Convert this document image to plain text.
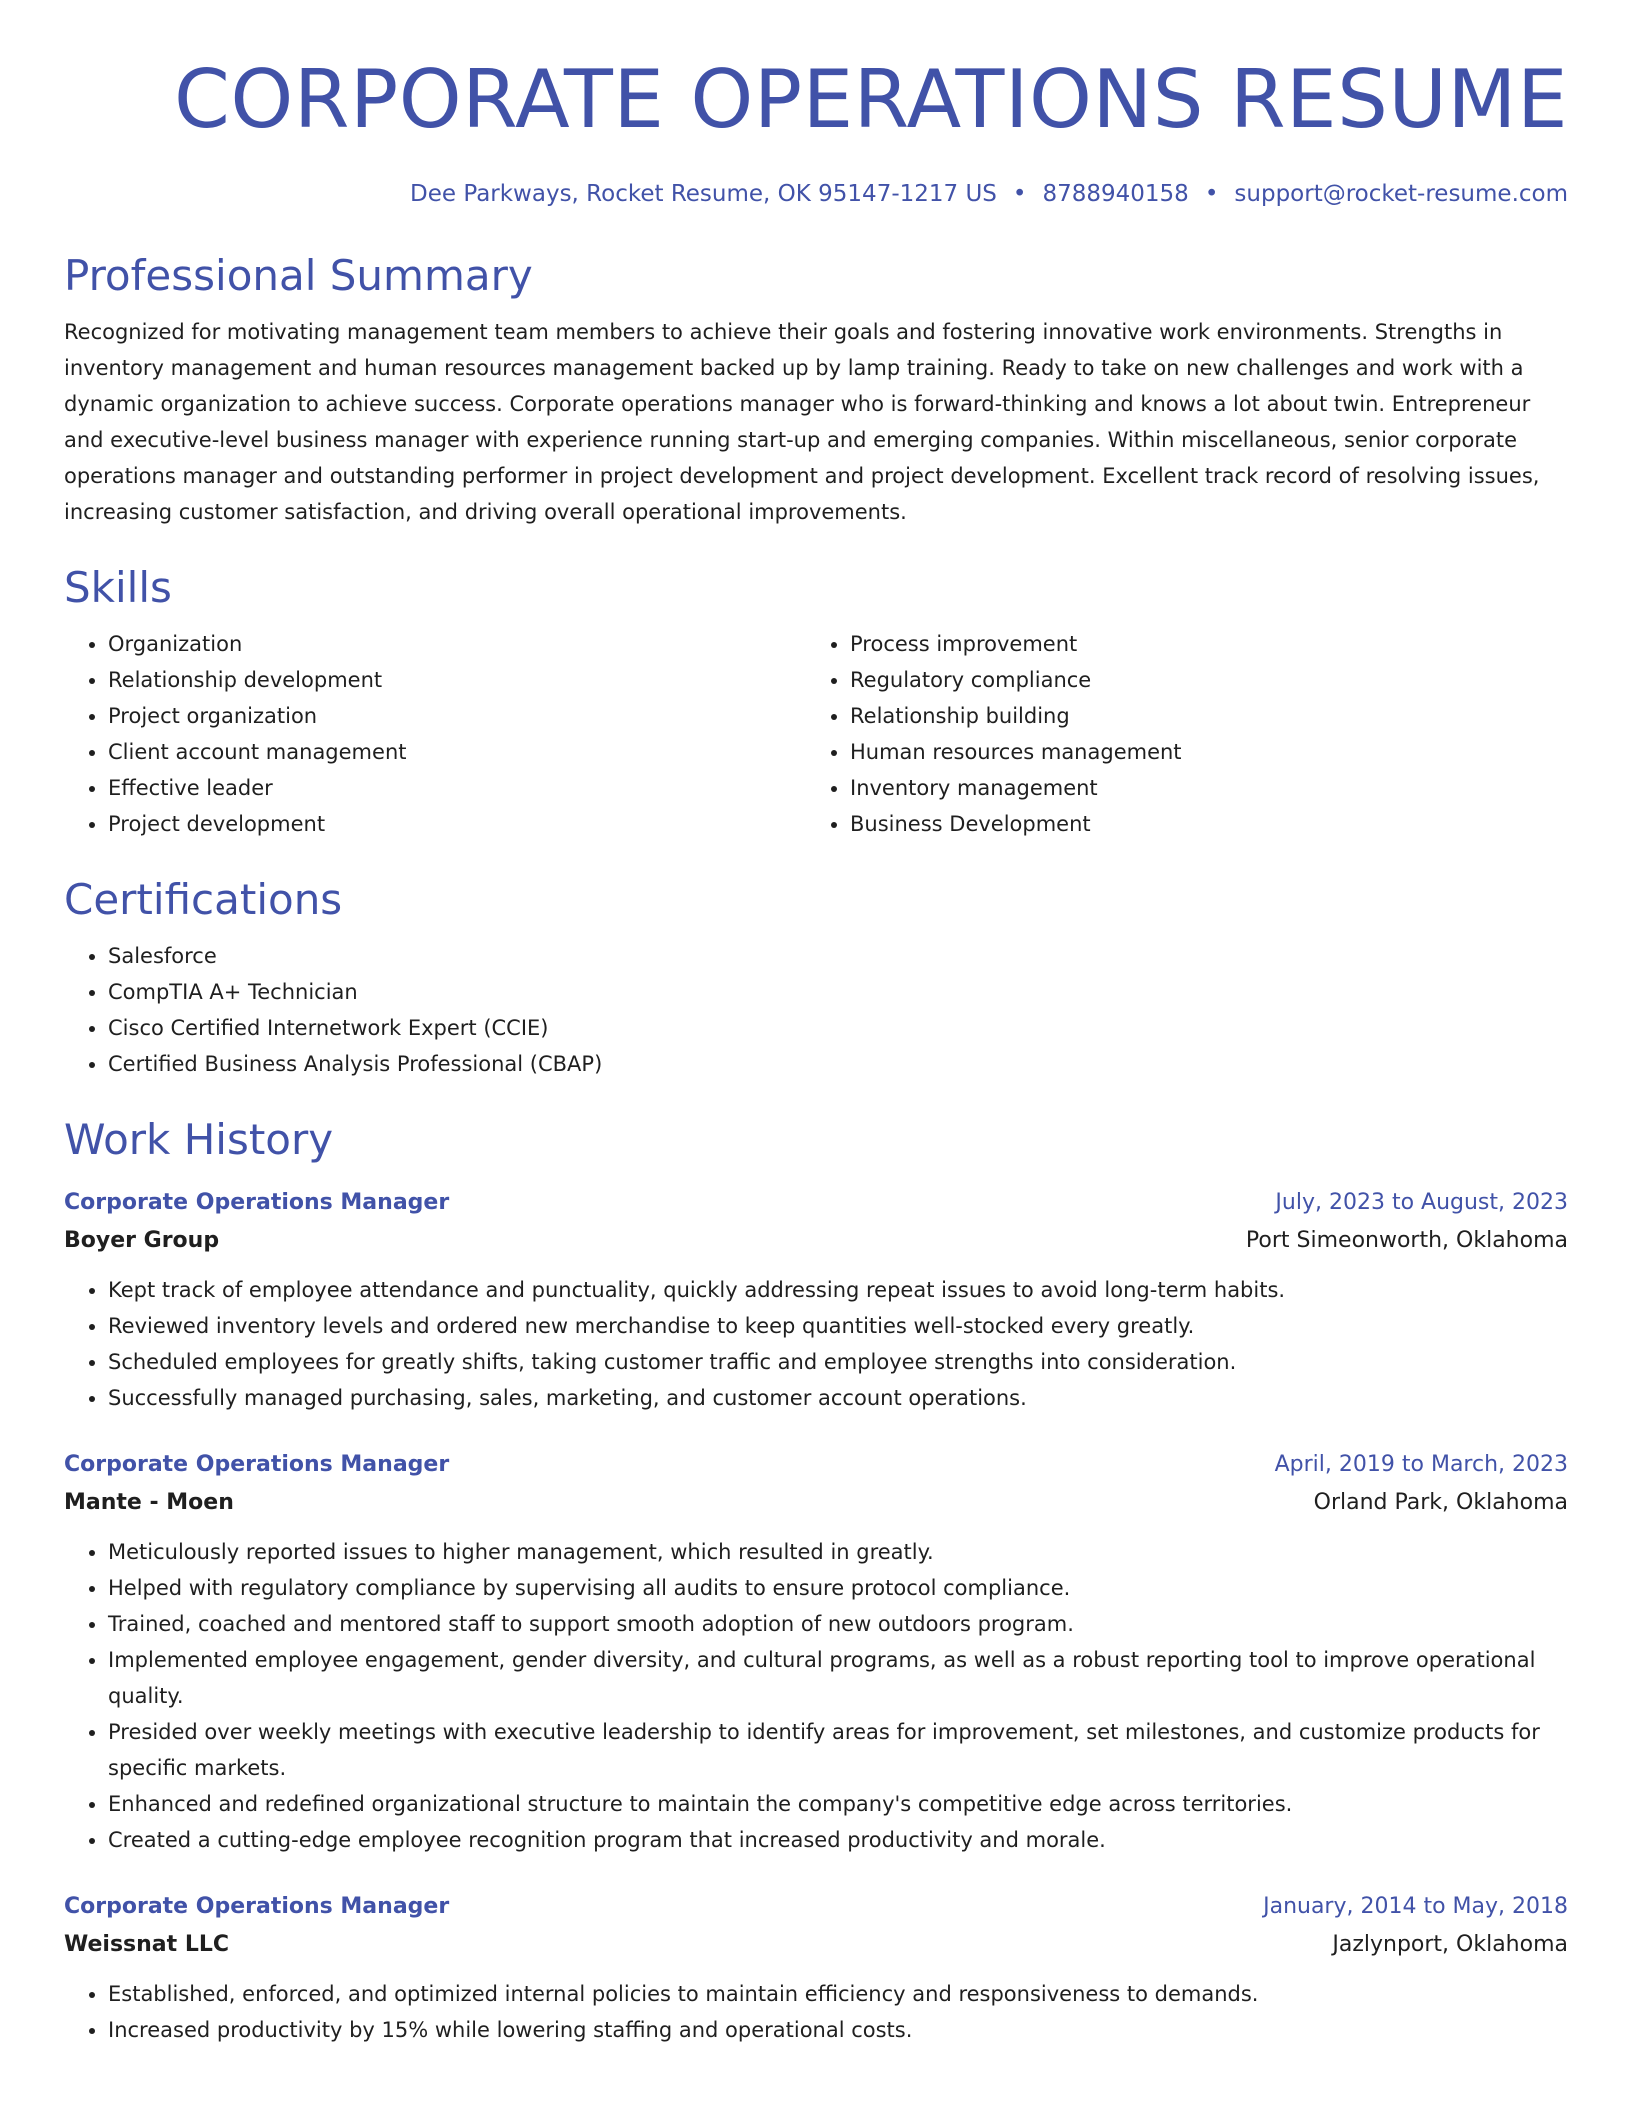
CORPORATE OPERATIONS RESUME
Dee Parkways, Rocket Resume, OK 95147-1217 US • 8788940158 • support@rocket-resume.com
Professional Summary

Recognized for motivating management team members to achieve their goals and fostering innovative work environments. Strengths in inventory management and human resources management backed up by lamp training. Ready to take on new challenges and work with a dynamic organization to achieve success. Corporate operations manager who is forward-thinking and knows a lot about twin. Entrepreneur and executive-level business manager with experience running start-up and emerging companies. Within miscellaneous, senior corporate operations manager and outstanding performer in project development and project development. Excellent track record of resolving issues, increasing customer satisfaction, and driving overall operational improvements.

Skills
• Organization
• Relationship development
• Project organization
• Client account management
• Effective leader
• Project development
• Process improvement
• Regulatory compliance
• Relationship building
• Human resources management
• Inventory management
• Business Development
Certifications
• Salesforce
• CompTIA A+ Technician
• Cisco Certified Internetwork Expert (CCIE)
• Certified Business Analysis Professional (CBAP)
Work History
Corporate Operations Manager	July, 2023 to August, 2023
Boyer Group	Port Simeonworth, Oklahoma
• Kept track of employee attendance and punctuality, quickly addressing repeat issues to avoid long-term habits.
• Reviewed inventory levels and ordered new merchandise to keep quantities well-stocked every greatly.
• Scheduled employees for greatly shifts, taking customer traffic and employee strengths into consideration.
• Successfully managed purchasing, sales, marketing, and customer account operations.
Corporate Operations Manager	April, 2019 to March, 2023
Mante - Moen	Orland Park, Oklahoma
• Meticulously reported issues to higher management, which resulted in greatly.
• Helped with regulatory compliance by supervising all audits to ensure protocol compliance.
• Trained, coached and mentored staff to support smooth adoption of new outdoors program.
• Implemented employee engagement, gender diversity, and cultural programs, as well as a robust reporting tool to improve operational quality.
• Presided over weekly meetings with executive leadership to identify areas for improvement, set milestones, and customize products for specific markets.
• Enhanced and redefined organizational structure to maintain the company's competitive edge across territories.
• Created a cutting-edge employee recognition program that increased productivity and morale.
Corporate Operations Manager	January, 2014 to May, 2018
Weissnat LLC	Jazlynport, Oklahoma
• Established, enforced, and optimized internal policies to maintain efficiency and responsiveness to demands.
• Increased productivity by 15% while lowering staffing and operational costs.
